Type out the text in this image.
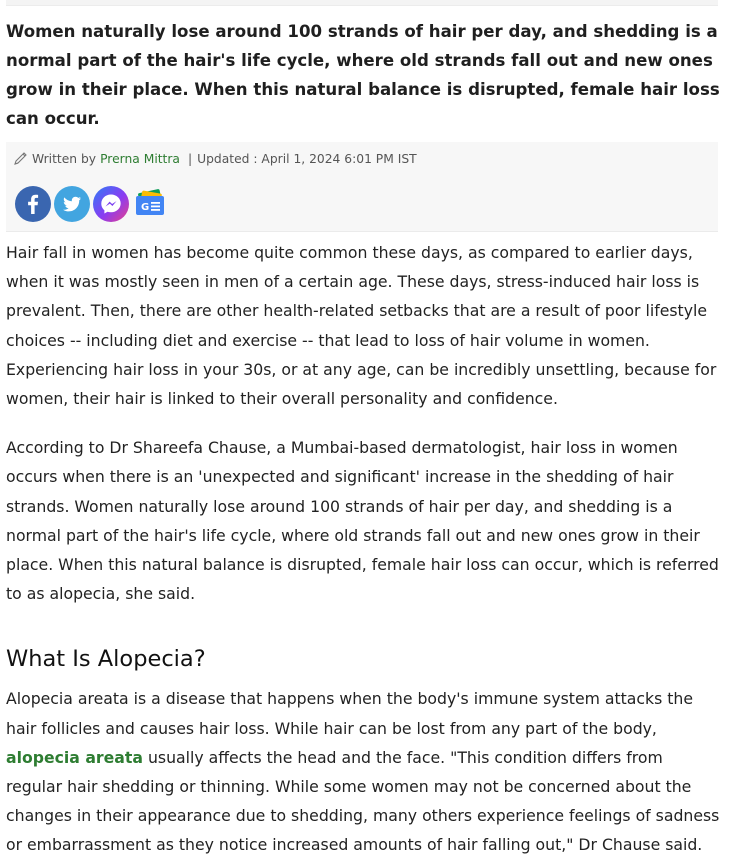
Women naturally lose around 100 strands of hair per day, and shedding is a normal part of the hair's life cycle, where old strands fall out and new ones grow in their place. When this natural balance is disrupted, female hair loss can occur.

Written by Prerna Mittra | Updated : April 1, 2024 6:01 PM IST
G

Hair fall in women has become quite common these days, as compared to earlier days, when it was mostly seen in men of a certain age. These days, stress-induced hair loss is prevalent. Then, there are other health-related setbacks that are a result of poor lifestyle choices -- including diet and exercise -- that lead to loss of hair volume in women. Experiencing hair loss in your 30s, or at any age, can be incredibly unsettling, because for women, their hair is linked to their overall personality and confidence.

According to Dr Shareefa Chause, a Mumbai-based dermatologist, hair loss in women occurs when there is an 'unexpected and significant' increase in the shedding of hair strands. Women naturally lose around 100 strands of hair per day, and shedding is a normal part of the hair's life cycle, where old strands fall out and new ones grow in their place. When this natural balance is disrupted, female hair loss can occur, which is referred to as alopecia, she said.

What Is Alopecia?

Alopecia areata is a disease that happens when the body's immune system attacks the hair follicles and causes hair loss. While hair can be lost from any part of the body, alopecia areata usually affects the head and the face. "This condition differs from regular hair shedding or thinning. While some women may not be concerned about the changes in their appearance due to shedding, many others experience feelings of sadness or embarrassment as they notice increased amounts of hair falling out," Dr Chause said.
